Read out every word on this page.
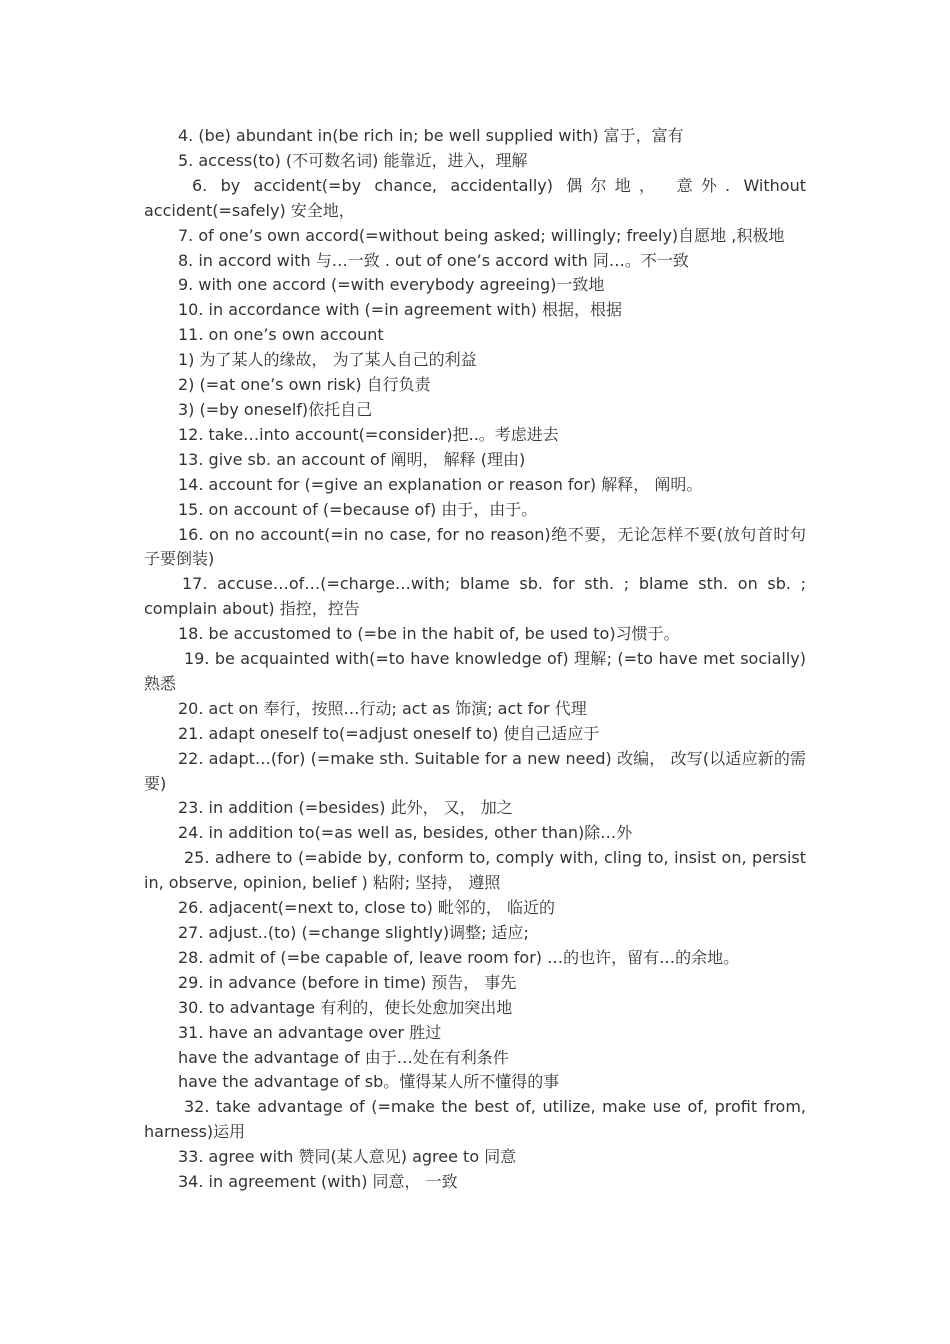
4. (be) abundant in(be rich in; be well supplied with) 富于，富有

5. access(to) (不可数名词) 能靠近，进入，理解

6. by accident(=by chance, accidentally) 偶尔地， 意外. Without accident(=safely) 安全地，

7. of one’s own accord(=without being asked; willingly; freely)自愿地 ,积极地

8. in accord with 与…一致 . out of one’s accord with 同…。不一致

9. with one accord (=with everybody agreeing)一致地

10. in accordance with (=in agreement with) 根据，根据

11. on one’s own account

1) 为了某人的缘故， 为了某人自己的利益

2) (=at one’s own risk) 自行负责

3) (=by oneself)依托自己

12. take…into account(=consider)把..。考虑进去

13. give sb. an account of 阐明， 解释 (理由)

14. account for (=give an explanation or reason for) 解释， 阐明。

15. on account of (=because of) 由于，由于。

16. on no account(=in no case, for no reason)绝不要，无论怎样不要(放句首时句子要倒装)

17. accuse…of…(=charge…with; blame sb. for sth. ; blame sth. on sb. ; complain about) 指控，控告

18. be accustomed to (=be in the habit of, be used to)习惯于。

19. be acquainted with(=to have knowledge of) 理解; (=to have met socially) 熟悉

20. act on 奉行，按照…行动; act as 饰演; act for 代理

21. adapt oneself to(=adjust oneself to) 使自己适应于

22. adapt…(for) (=make sth. Suitable for a new need) 改编， 改写(以适应新的需要)

23. in addition (=besides) 此外， 又， 加之

24. in addition to(=as well as, besides, other than)除…外

25. adhere to (=abide by, conform to, comply with, cling to, insist on, persist in, observe, opinion, belief ) 粘附; 坚持， 遵照

26. adjacent(=next to, close to) 毗邻的， 临近的

27. adjust..(to) (=change slightly)调整; 适应;

28. admit of (=be capable of, leave room for) …的也许，留有…的余地。

29. in advance (before in time) 预告， 事先

30. to advantage 有利的，使长处愈加突出地

31. have an advantage over 胜过

have the advantage of 由于…处在有利条件

have the advantage of sb。懂得某人所不懂得的事

32. take advantage of (=make the best of, utilize, make use of, profit from, harness)运用

33. agree with 赞同(某人意见) agree to 同意

34. in agreement (with) 同意， 一致
